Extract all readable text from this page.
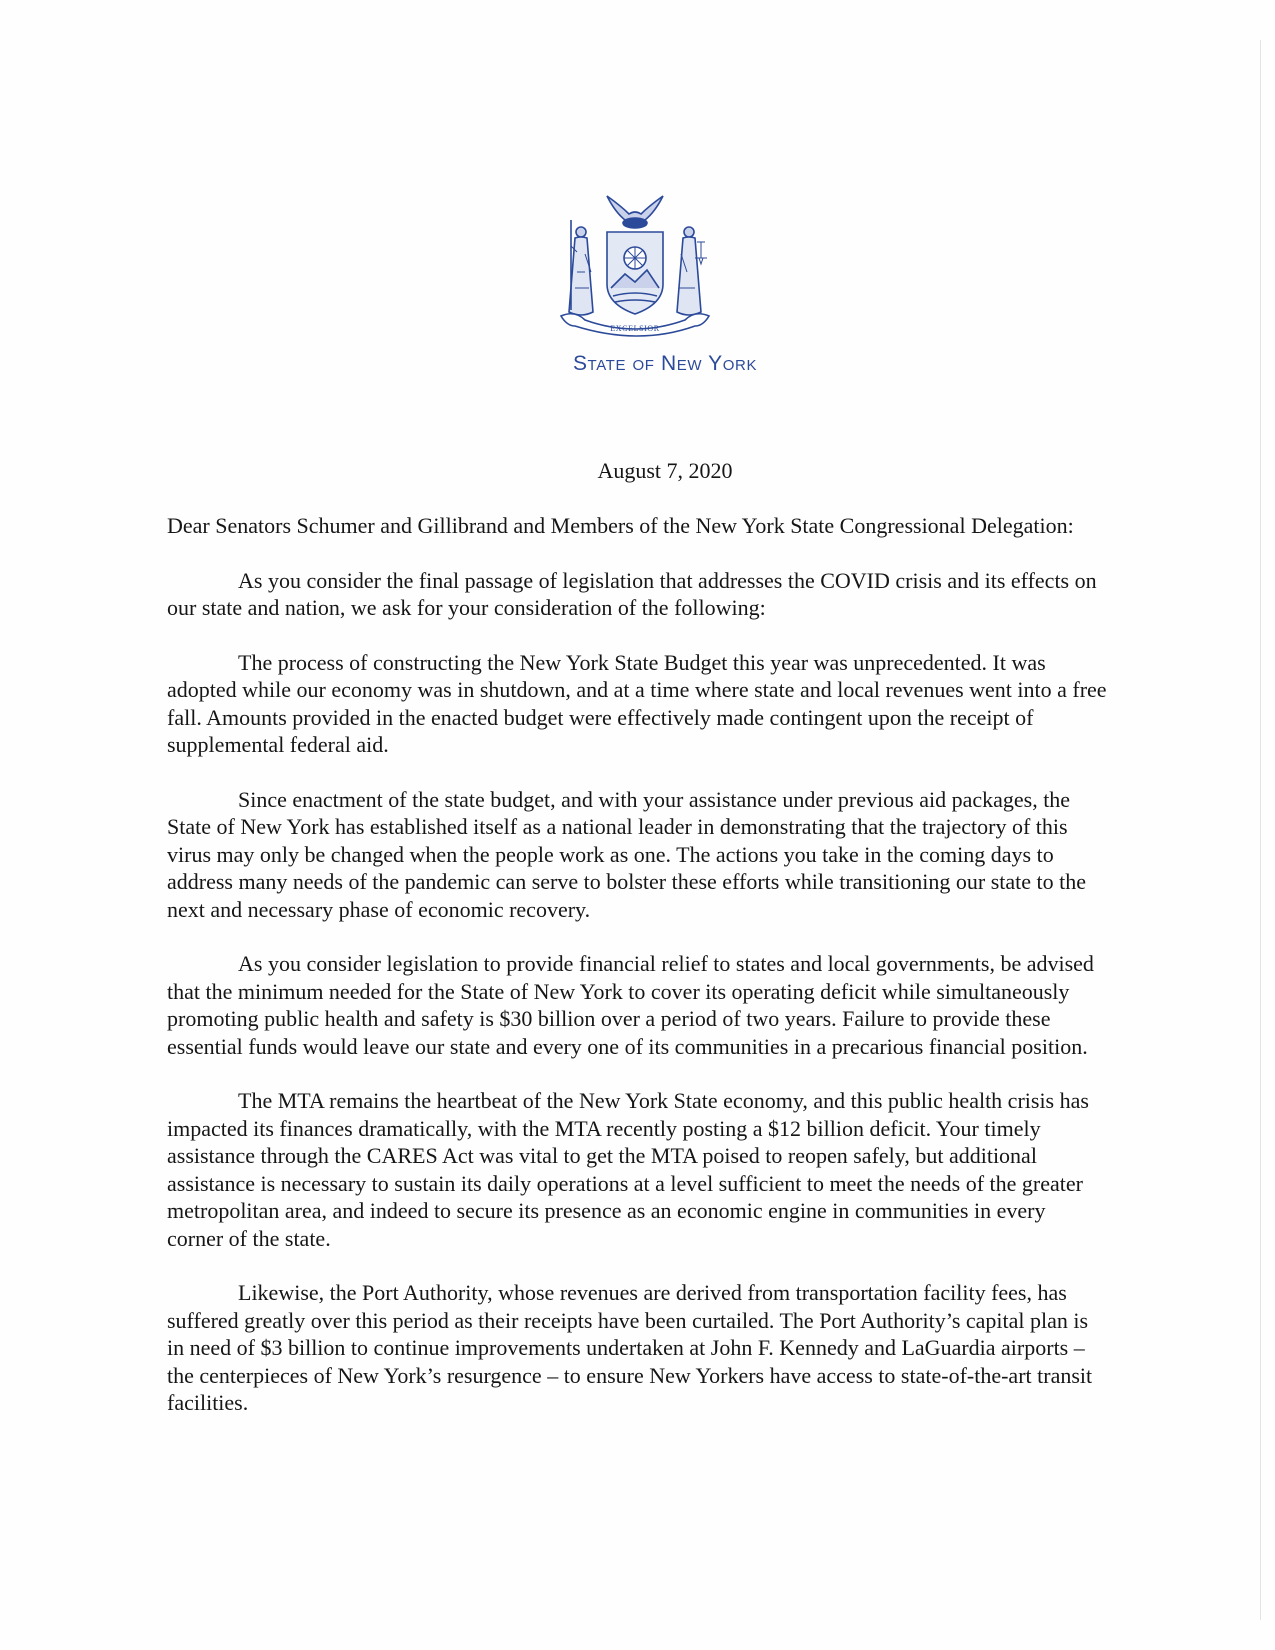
EXCELSIOR
State of New York
August 7, 2020

Dear Senators Schumer and Gillibrand and Members of the New York State Congressional Delegation:

As you consider the final passage of legislation that addresses the COVID crisis and its effects on our state and nation, we ask for your consideration of the following:

The process of constructing the New York State Budget this year was unprecedented. It was adopted while our economy was in shutdown, and at a time where state and local revenues went into a free fall. Amounts provided in the enacted budget were effectively made contingent upon the receipt of supplemental federal aid.

Since enactment of the state budget, and with your assistance under previous aid packages, the State of New York has established itself as a national leader in demonstrating that the trajectory of this virus may only be changed when the people work as one. The actions you take in the coming days to address many needs of the pandemic can serve to bolster these efforts while transitioning our state to the next and necessary phase of economic recovery.

As you consider legislation to provide financial relief to states and local governments, be advised that the minimum needed for the State of New York to cover its operating deficit while simultaneously promoting public health and safety is $30 billion over a period of two years. Failure to provide these essential funds would leave our state and every one of its communities in a precarious financial position.

The MTA remains the heartbeat of the New York State economy, and this public health crisis has impacted its finances dramatically, with the MTA recently posting a $12 billion deficit. Your timely assistance through the CARES Act was vital to get the MTA poised to reopen safely, but additional assistance is necessary to sustain its daily operations at a level sufficient to meet the needs of the greater metropolitan area, and indeed to secure its presence as an economic engine in communities in every corner of the state.

Likewise, the Port Authority, whose revenues are derived from transportation facility fees, has suffered greatly over this period as their receipts have been curtailed. The Port Authority’s capital plan is in need of $3 billion to continue improvements undertaken at John F. Kennedy and LaGuardia airports – the centerpieces of New York’s resurgence – to ensure New Yorkers have access to state-of-the-art transit facilities.
